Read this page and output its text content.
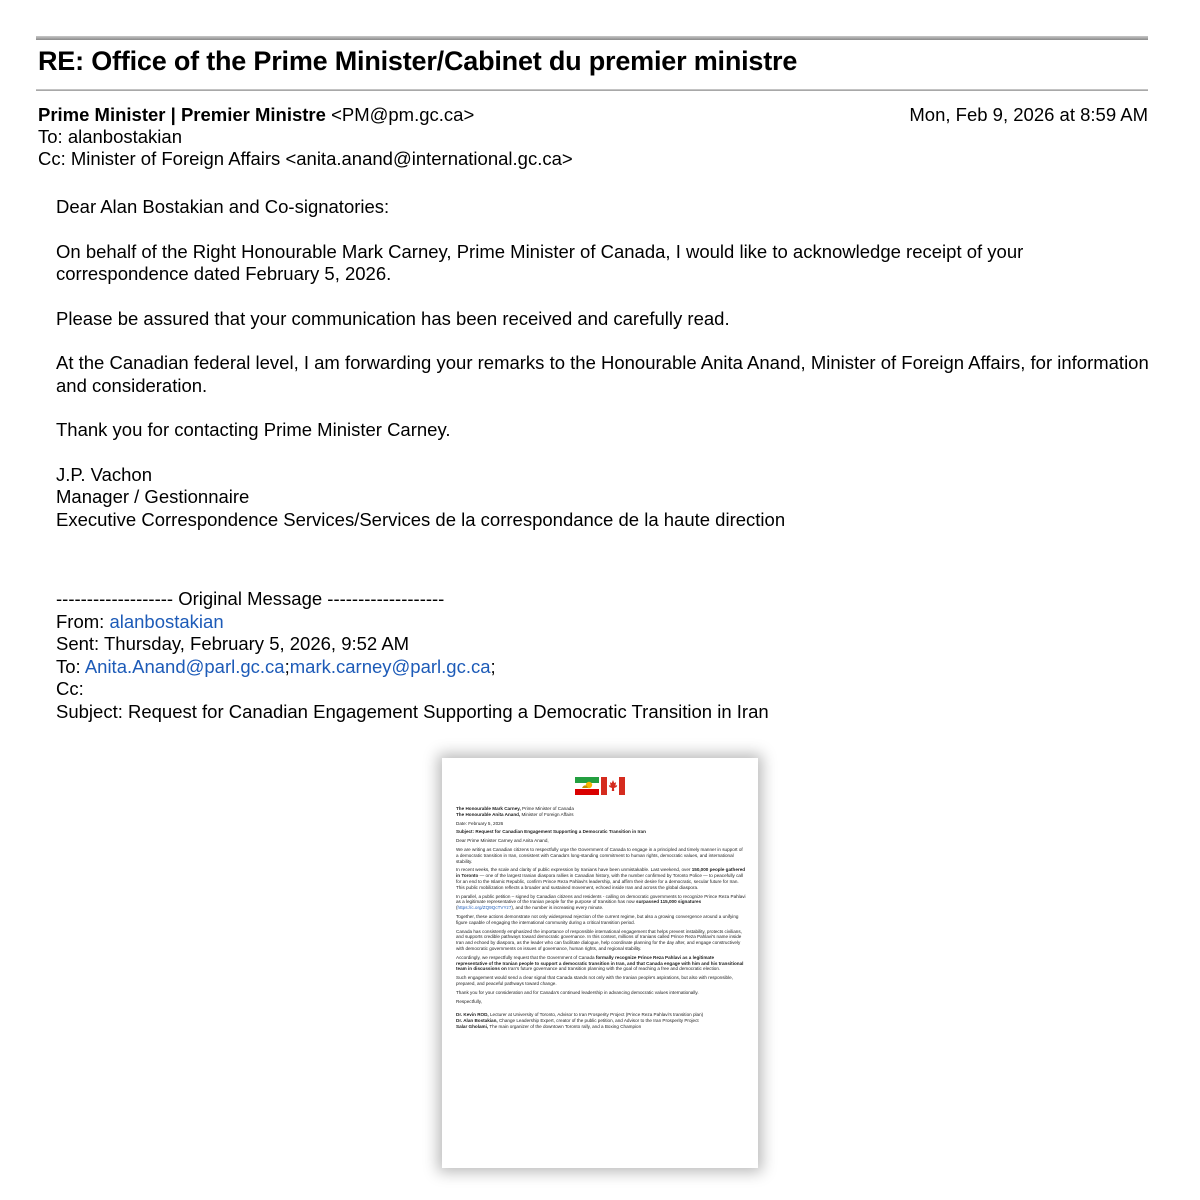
RE: Office of the Prime Minister/Cabinet du premier ministre
Prime Minister | Premier Ministre <PM@pm.gc.ca>	Mon, Feb 9, 2026 at 8:59 AM
To: alanbostakian
Cc: Minister of Foreign Affairs <anita.anand@international.gc.ca>

Dear Alan Bostakian and Co-signatories:

On behalf of the Right Honourable Mark Carney, Prime Minister of Canada, I would like to acknowledge receipt of your correspondence dated February 5, 2026.

Please be assured that your communication has been received and carefully read.

At the Canadian federal level, I am forwarding your remarks to the Honourable Anita Anand, Minister of Foreign Affairs, for information and consideration.

Thank you for contacting Prime Minister Carney.

J.P. Vachon

Manager / Gestionnaire

Executive Correspondence Services/Services de la correspondance de la haute direction

------------------- Original Message -------------------
From: alanbostakian
Sent: Thursday, February 5, 2026, 9:52 AM
To: Anita.Anand@parl.gc.ca;mark.carney@parl.gc.ca;
Cc:
Subject: Request for Canadian Engagement Supporting a Democratic Transition in Iran

The Honourable Mark Carney, Prime Minister of Canada
The Honourable Anita Anand, Minister of Foreign Affairs

Date: February 5, 2026

Subject: Request for Canadian Engagement Supporting a Democratic Transition in Iran

Dear Prime Minister Carney and Anita Anand,

We are writing as Canadian citizens to respectfully urge the Government of Canada to engage in a principled and timely manner in support of a democratic transition in Iran, consistent with Canada's long-standing commitment to human rights, democratic values, and international stability.

In recent weeks, the scale and clarity of public expression by Iranians have been unmistakable. Last weekend, over 150,000 people gathered in Toronto — one of the largest Iranian diaspora rallies in Canadian history, with the number confirmed by Toronto Police — to peacefully call for an end to the Islamic Republic, confirm Prince Reza Pahlavi's leadership, and affirm their desire for a democratic, secular future for Iran. This public mobilization reflects a broader and sustained movement, echoed inside Iran and across the global diaspora.

In parallel, a public petition – signed by Canadian citizens and residents - calling on democratic governments to recognize Prince Reza Pahlavi as a legitimate representative of the Iranian people for the purpose of transition has now surpassed 115,000 signatures (https://c.org/ZQ9QcTVYz7), and the number is increasing every minute.

Together, these actions demonstrate not only widespread rejection of the current regime, but also a growing convergence around a unifying figure capable of engaging the international community during a critical transition period.

Canada has consistently emphasized the importance of responsible international engagement that helps prevent instability, protects civilians, and supports credible pathways toward democratic governance. In this context, millions of Iranians called Prince Reza Pahlavi's name inside Iran and echoed by diaspora, as the leader who can facilitate dialogue, help coordinate planning for the day after, and engage constructively with democratic governments on issues of governance, human rights, and regional stability.

Accordingly, we respectfully request that the Government of Canada formally recognize Prince Reza Pahlavi as a legitimate representative of the Iranian people to support a democratic transition in Iran, and that Canada engage with him and his transitional team in discussions on Iran's future governance and transition planning with the goal of reaching a free and democratic election.

Such engagement would send a clear signal that Canada stands not only with the Iranian people's aspirations, but also with responsible, prepared, and peaceful pathways toward change.

Thank you for your consideration and for Canada's continued leadership in advancing democratic values internationally.

Respectfully,

Dr. Kevin ROD, Lecturer at University of Toronto, Advisor to Iran Prosperity Project (Prince Reza Pahlavi's transition plan)
Dr. Alan Bostakian, Change Leadership Expert, creator of the public petition, and Advisor to the Iran Prosperity Project
Salar Gholami, The main organizer of the downtown Toronto rally, and a Boxing Champion
